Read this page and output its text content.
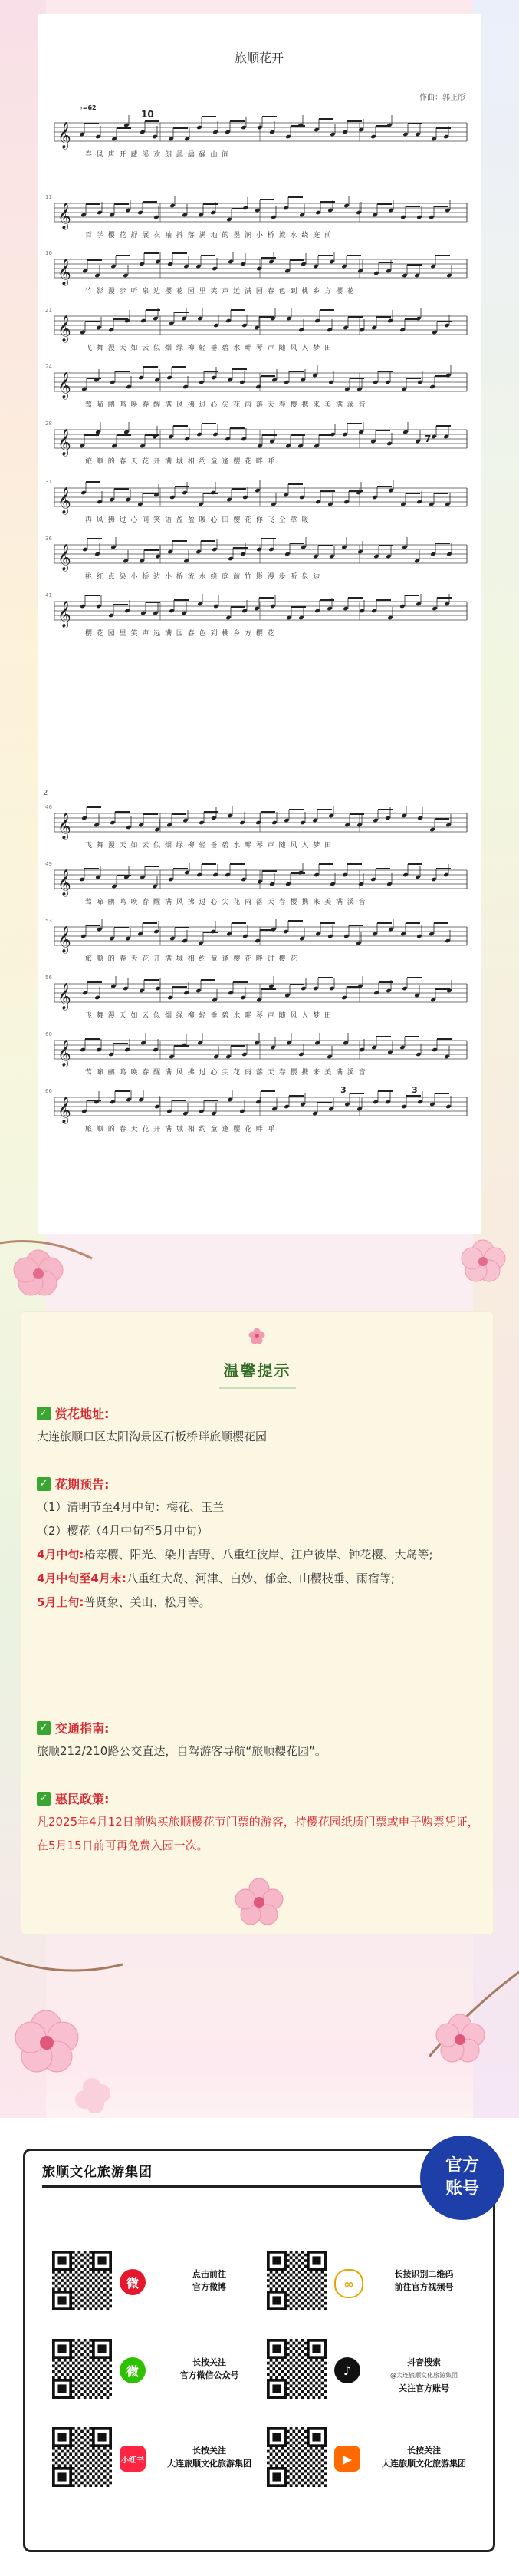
旅顺花开
作曲：郭正彤
2
𝄞
春 风 唐 开 藏 溪 欢 朗 骉 骉 碌 山 间
𝄞
11
百 学 樱 花 舒 展 衣 袖 抖 落 满 地 的 墨 润 小 桥 流 水 绕 庭 前
𝄞
16
竹 影 漫 步 听 泉 边 樱 花 园 里 笑 声 远 满 园 春 色 到 桃 乡 方 樱 花
𝄞
21
飞 舞 漫 天 如 云 似 烟 绿 柳 轻 垂 碧 水 畔 琴 声 随 风 入 梦 田
𝄞
24
莺 啼 鹂 鸣 唤 春 醒 满 风 拂 过 心 尖 花 雨 落 天 春 樱 携 来 美 满 溪 音
𝄞
28
旅 顺 的 春 天 花 开 满 城 相 约 童 逢 樱 花 畔 呼
𝄞
31
再 风 拂 过 心 间 笑 语 盈 盈 暖 心 田 樱 花 你 飞 仝 章 暖
𝄞
36
桃 红 点 染 小 桥 边 小 桥 流 水 绕 庭 前 竹 影 漫 步 听 泉 边
𝄞
41
樱 花 园 里 笑 声 远 满 园 春 色 到 桃 乡 方 樱 花
𝄞
46
飞 舞 漫 天 如 云 似 烟 绿 柳 轻 垂 碧 水 畔 琴 声 随 风 入 梦 田
𝄞
49
莺 啼 鹂 鸣 唤 春 醒 满 风 拂 过 心 尖 花 雨 落 天 春 樱 携 来 美 满 溪 音
𝄞
53
旅 顺 的 春 天 花 开 满 城 相 约 童 逢 樱 花 畔 讨 樱 花
𝄞
56
飞 舞 漫 天 如 云 似 烟 绿 柳 轻 垂 碧 水 畔 琴 声 随 风 入 梦 田
𝄞
60
莺 啼 鹂 鸣 唤 春 醒 满 风 拂 过 心 尖 花 雨 落 天 春 樱 携 来 美 满 溪 音
𝄞
66
旅 顺 的 春 天 花 开 满 城 相 约 童 逢 樱 花 畔 呼
♭=62
10
7
3	3
温馨提示
✓ 赏花地址:

大连旅顺口区太阳沟景区石板桥畔旅顺樱花园

✓ 花期预告:

（1）清明节至4月中旬：梅花、玉兰

（2）樱花（4月中旬至5月中旬）

4月中旬:椿寒樱、阳光、染井吉野、八重红彼岸、江户彼岸、钟花樱、大岛等;

4月中旬至4月末:八重红大岛、河津、白妙、郁金、山樱枝垂、雨宿等;

5月上旬:普贤象、关山、松月等。

✓ 交通指南:

旅顺212/210路公交直达，自驾游客导航“旅顺樱花园”。

✓ 惠民政策:

凡2025年4月12日前购买旅顺樱花节门票的游客，持樱花园纸质门票或电子购票凭证，在5月15日前可再免费入园一次。

旅顺文化旅游集团	官方
账号
微
点击前往
官方微博	∞
长按识别二维码
前往官方视频号
微
长按关注
官方微信公众号	♪
抖音搜索
@大连旅顺文化旅游集团
关注官方账号
小红书
长按关注
大连旅顺文化旅游集团	▶
长按关注
大连旅顺文化旅游集团
